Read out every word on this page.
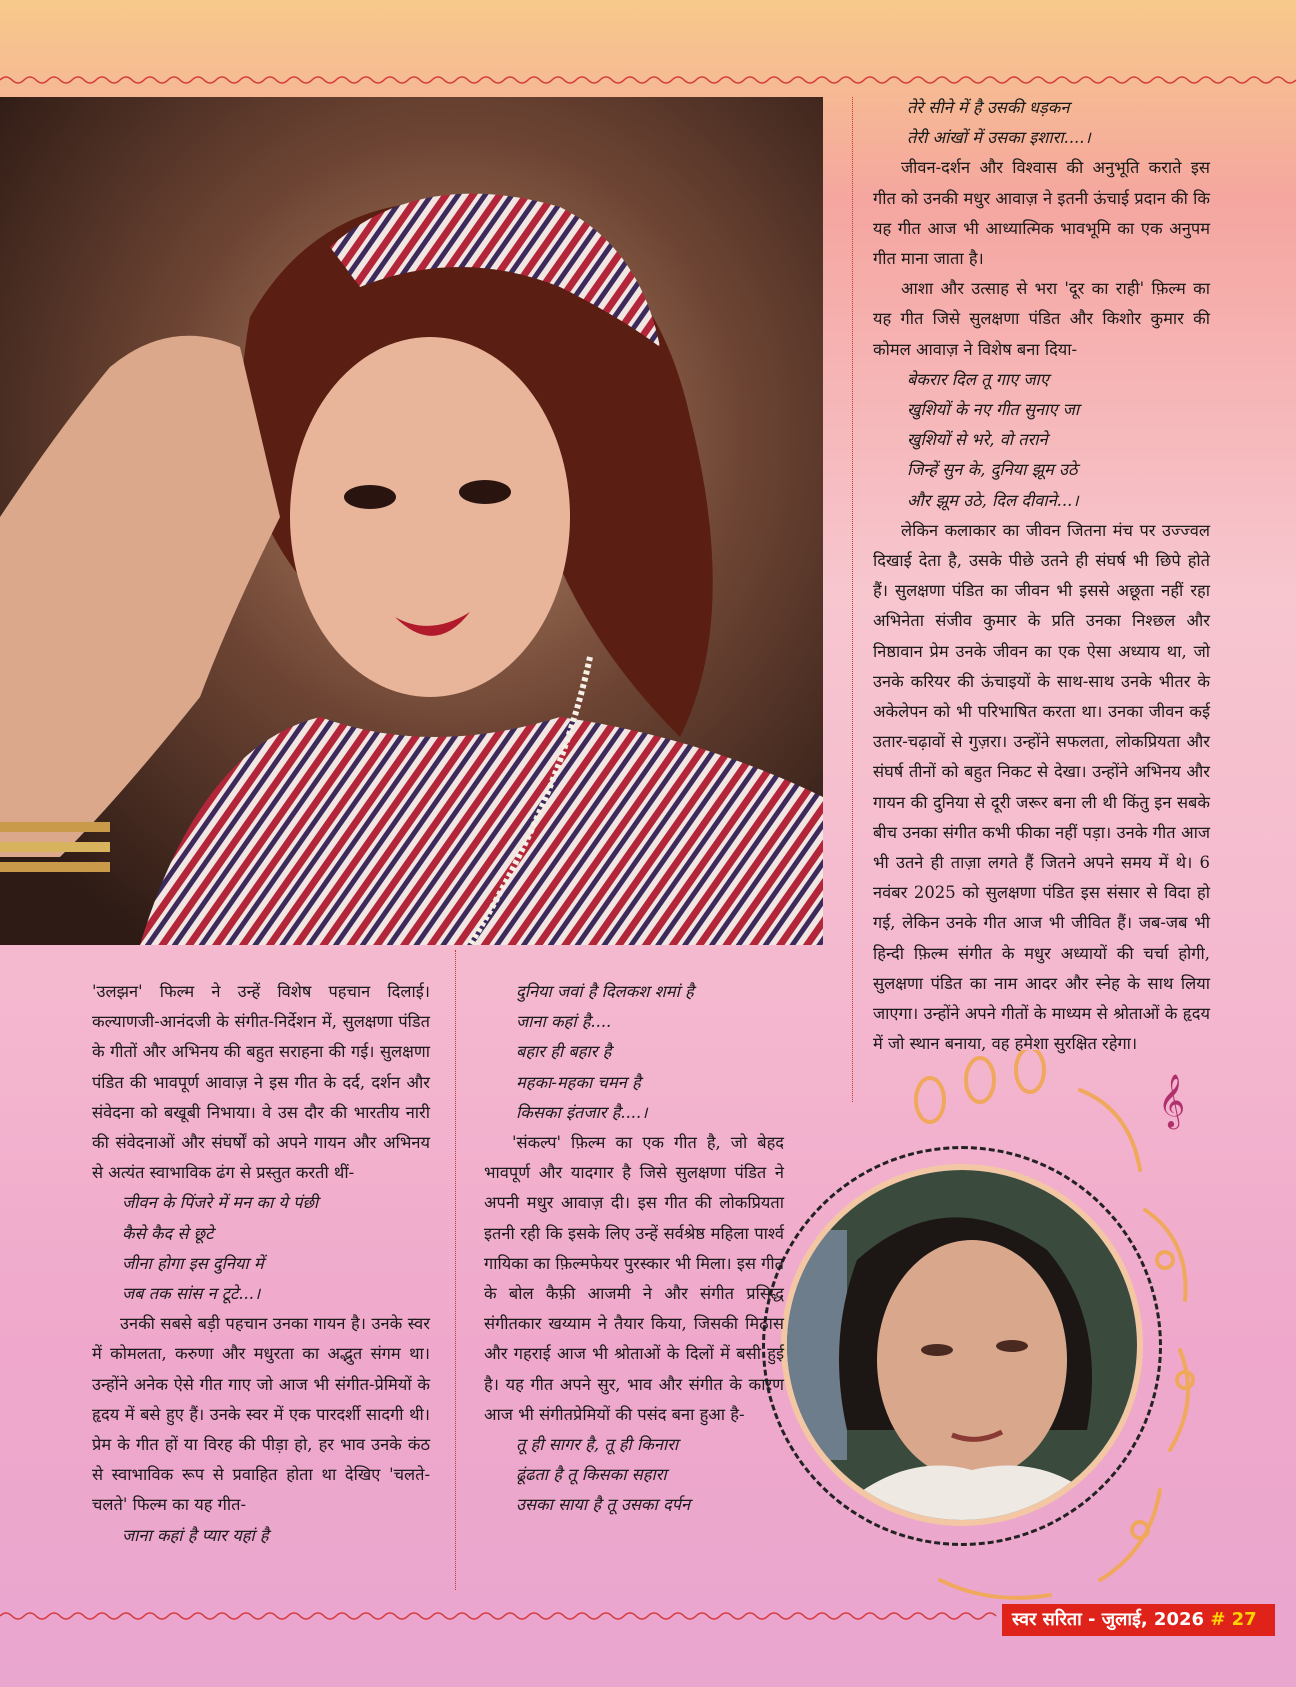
तेरे सीने में है उसकी धड़कन
तेरी आंखों में उसका इशारा....।

जीवन-दर्शन और विश्वास की अनुभूति कराते इस गीत को उनकी मधुर आवाज़ ने इतनी ऊंचाई प्रदान की कि यह गीत आज भी आध्यात्मिक भावभूमि का एक अनुपम गीत माना जाता है।

आशा और उत्साह से भरा 'दूर का राही' फ़िल्म का यह गीत जिसे सुलक्षणा पंडित और किशोर कुमार की कोमल आवाज़ ने विशेष बना दिया-

बेकरार दिल तू गाए जाए
खुशियों के नए गीत सुनाए जा
खुशियों से भरे, वो तराने
जिन्हें सुन के, दुनिया झूम उठे
और झूम उठे, दिल दीवाने...।

लेकिन कलाकार का जीवन जितना मंच पर उज्ज्वल दिखाई देता है, उसके पीछे उतने ही संघर्ष भी छिपे होते हैं। सुलक्षणा पंडित का जीवन भी इससे अछूता नहीं रहा अभिनेता संजीव कुमार के प्रति उनका निश्छल और निष्ठावान प्रेम उनके जीवन का एक ऐसा अध्याय था, जो उनके करियर की ऊंचाइयों के साथ-साथ उनके भीतर के अकेलेपन को भी परिभाषित करता था। उनका जीवन कई उतार-चढ़ावों से गुज़रा। उन्होंने सफलता, लोकप्रियता और संघर्ष तीनों को बहुत निकट से देखा। उन्होंने अभिनय और गायन की दुनिया से दूरी जरूर बना ली थी किंतु इन सबके बीच उनका संगीत कभी फीका नहीं पड़ा। उनके गीत आज भी उतने ही ताज़ा लगते हैं जितने अपने समय में थे। 6 नवंबर 2025 को सुलक्षणा पंडित इस संसार से विदा हो गई, लेकिन उनके गीत आज भी जीवित हैं। जब-जब भी हिन्दी फ़िल्म संगीत के मधुर अध्यायों की चर्चा होगी, सुलक्षणा पंडित का नाम आदर और स्नेह के साथ लिया जाएगा। उन्होंने अपने गीतों के माध्यम से श्रोताओं के हृदय में जो स्थान बनाया, वह हमेशा सुरक्षित रहेगा।

'उलझन' फिल्म ने उन्हें विशेष पहचान दिलाई। कल्याणजी-आनंदजी के संगीत-निर्देशन में, सुलक्षणा पंडित के गीतों और अभिनय की बहुत सराहना की गई। सुलक्षणा पंडित की भावपूर्ण आवाज़ ने इस गीत के दर्द, दर्शन और संवेदना को बखूबी निभाया। वे उस दौर की भारतीय नारी की संवेदनाओं और संघर्षों को अपने गायन और अभिनय से अत्यंत स्वाभाविक ढंग से प्रस्तुत करती थीं-

जीवन के पिंजरे में मन का ये पंछी
कैसे कैद से छूटे
जीना होगा इस दुनिया में
जब तक सांस न टूटे...।

उनकी सबसे बड़ी पहचान उनका गायन है। उनके स्वर में कोमलता, करुणा और मधुरता का अद्भुत संगम था। उन्होंने अनेक ऐसे गीत गाए जो आज भी संगीत-प्रेमियों के हृदय में बसे हुए हैं। उनके स्वर में एक पारदर्शी सादगी थी। प्रेम के गीत हों या विरह की पीड़ा हो, हर भाव उनके कंठ से स्वाभाविक रूप से प्रवाहित होता था देखिए 'चलते-चलते' फिल्म का यह गीत-

जाना कहां है प्यार यहां है
दुनिया जवां है दिलकश शमां है
जाना कहां है....
बहार ही बहार है
महका-महका चमन है
किसका इंतजार है....।

'संकल्प' फ़िल्म का एक गीत है, जो बेहद भावपूर्ण और यादगार है जिसे सुलक्षणा पंडित ने अपनी मधुर आवाज़ दी। इस गीत की लोकप्रियता इतनी रही कि इसके लिए उन्हें सर्वश्रेष्ठ महिला पार्श्व गायिका का फ़िल्मफेयर पुरस्कार भी मिला। इस गीत के बोल कैफ़ी आजमी ने और संगीत प्रसिद्ध संगीतकार खय्याम ने तैयार किया, जिसकी मिठास और गहराई आज भी श्रोताओं के दिलों में बसी हुई है। यह गीत अपने सुर, भाव और संगीत के कारण आज भी संगीतप्रेमियों की पसंद बना हुआ है-

तू ही सागर है, तू ही किनारा
ढूंढता है तू किसका सहारा
उसका साया है तू उसका दर्पन
𝄞
स्वर सरिता - जुलाई, 2026 # 27
